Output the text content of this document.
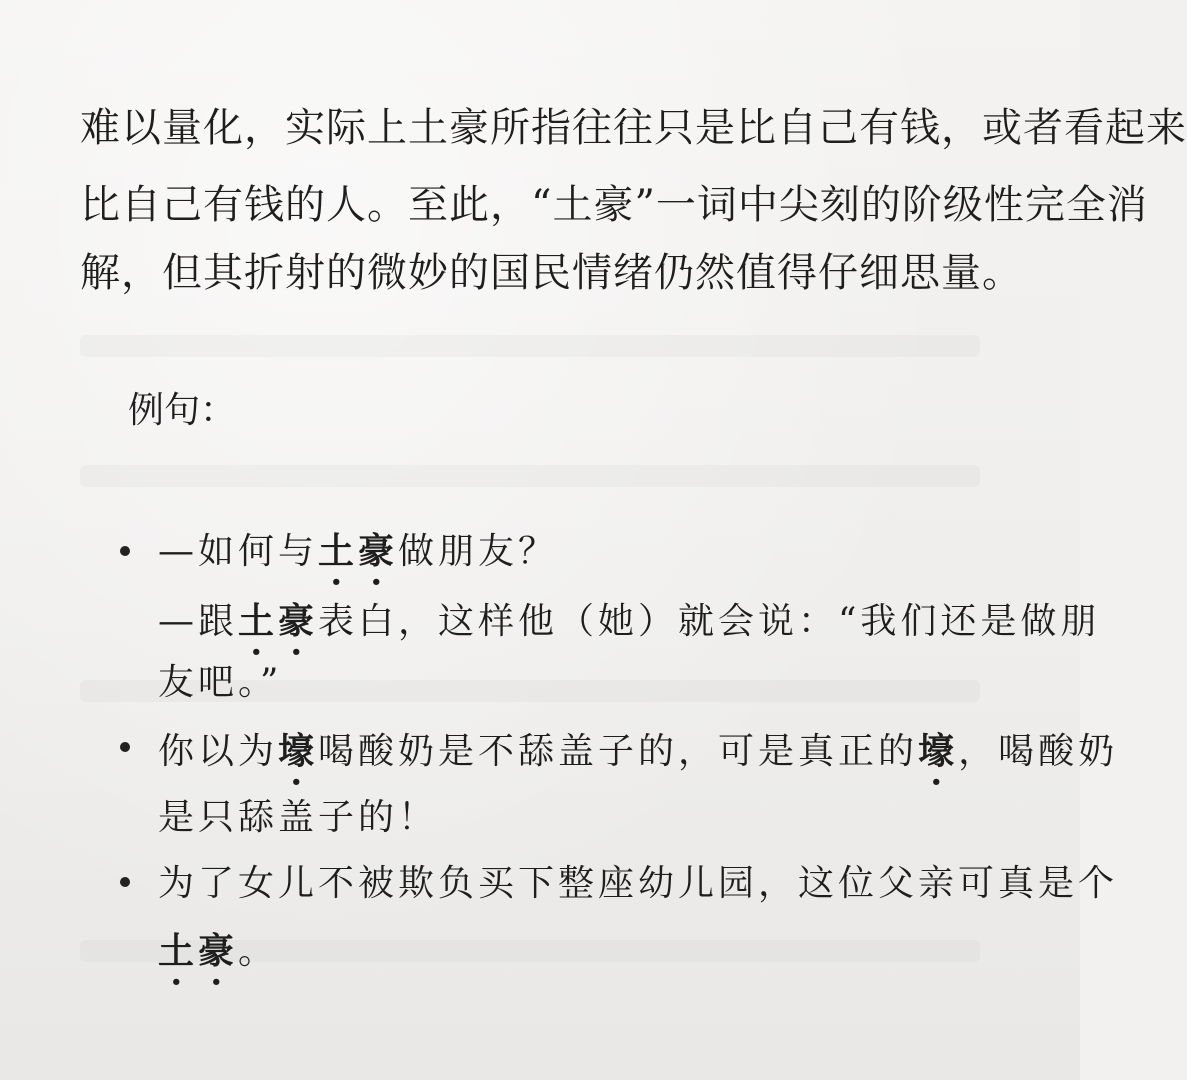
难以量化，实际上土豪所指往往只是比自己有钱，或者看起来
比自己有钱的人。至此，“土豪”一词中尖刻的阶级性完全消
解，但其折射的微妙的国民情绪仍然值得仔细思量。
例句：
—如何与土豪做朋友？
—跟土豪表白，这样他（她）就会说：“我们还是做朋
友吧。”
你以为壕喝酸奶是不舔盖子的，可是真正的壕，喝酸奶
是只舔盖子的！
为了女儿不被欺负买下整座幼儿园，这位父亲可真是个
土豪。
